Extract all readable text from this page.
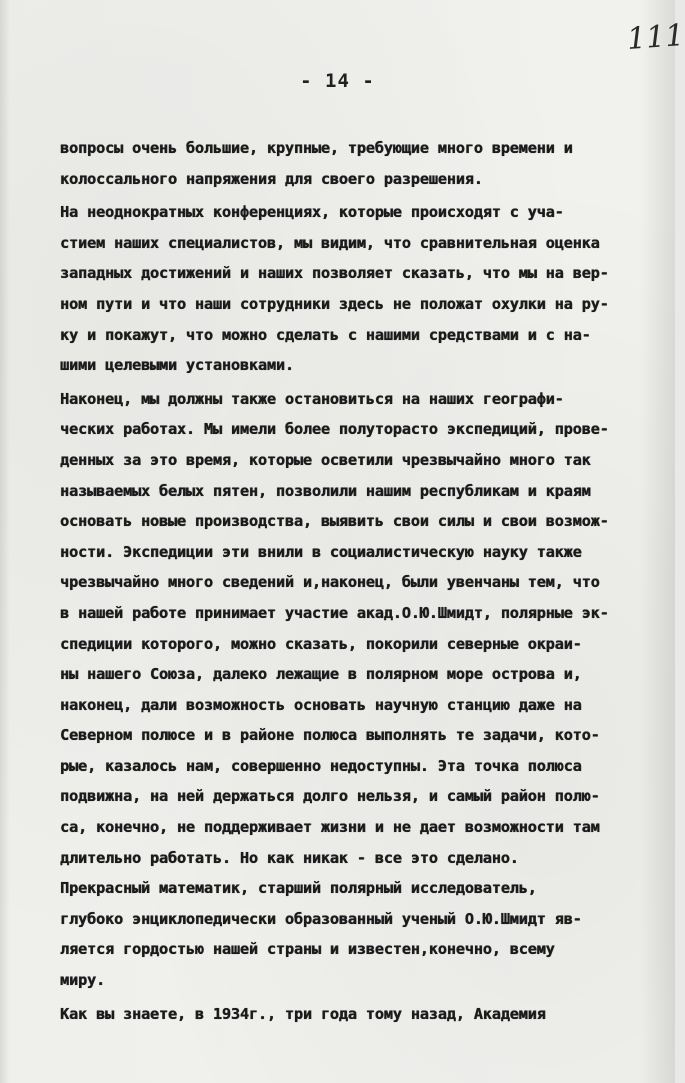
111
- 14 -
вопросы очень большие, крупные, требующие много времени и
колоссального напряжения для своего разрешения.
На неоднократных конференциях, которые происходят с уча-
стием наших специалистов, мы видим, что сравнительная оценка
западных достижений и наших позволяет сказать, что мы на вер-
ном пути и что наши сотрудники здесь не положат охулки на ру-
ку и покажут, что можно сделать с нашими средствами и с на-
шими целевыми установками.
Наконец, мы должны также остановиться на наших географи-
ческих работах. Мы имели более полуторасто экспедиций, прове-
денных за это время, которые осветили чрезвычайно много так
называемых белых пятен, позволили нашим республикам и краям
основать новые производства, выявить свои силы и свои возмож-
ности. Экспедиции эти внили в социалистическую науку также
чрезвычайно много сведений и,наконец, были увенчаны тем, что
в нашей работе принимает участие акад.О.Ю.Шмидт, полярные эк-
спедиции которого, можно сказать, покорили северные окраи-
ны нашего Союза, далеко лежащие в полярном море острова и,
наконец, дали возможность основать научную станцию даже на
Северном полюсе и в районе полюса выполнять те задачи, кото-
рые, казалось нам, совершенно недоступны. Эта точка полюса
подвижна, на ней держаться долго нельзя, и самый район полю-
са, конечно, не поддерживает жизни и не дает возможности там
длительно работать. Но как никак - все это сделано.
Прекрасный математик, старший полярный исследователь,
глубоко энциклопедически образованный ученый О.Ю.Шмидт яв-
ляется гордостью нашей страны и известен,конечно, всему
миру.
Как вы знаете, в 1934г., три года тому назад, Академия
